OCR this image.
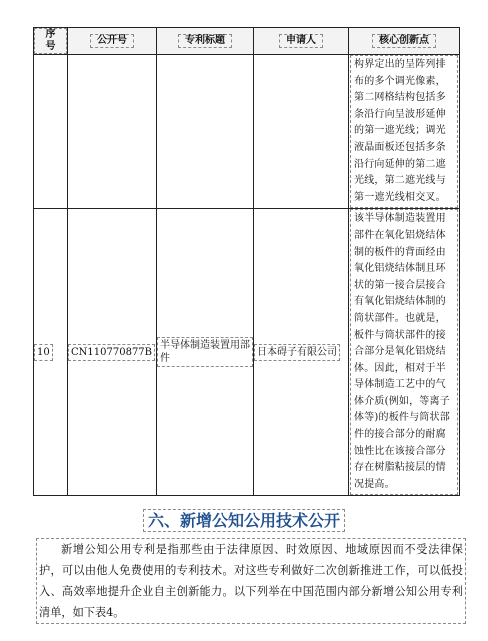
序号	公开号	专利标题	申请人	核心创新点

				构界定出的呈阵列排布的多个调光像素，第二网格结构包括多条沿行向呈波形延伸的第一遮光线；调光液晶面板还包括多条沿行向延伸的第二遮光线，第二遮光线与第一遮光线相交叉。

10	CN110770877B	半导体制造装置用部件	日本碍子有限公司	该半导体制造装置用部件在氧化铝烧结体制的板件的背面经由氧化铝烧结体制且环状的第一接合层接合有氧化铝烧结体制的筒状部件。也就是，板件与筒状部件的接合部分是氧化铝烧结体。因此，相对于半导体制造工艺中的气体介质(例如，等离子体等)的板件与筒状部件的接合部分的耐腐蚀性比在该接合部分存在树脂粘接层的情况提高。
六、新增公知公用技术公开
新增公知公用专利是指那些由于法律原因、时效原因、地域原因而不受法律保护，可以由他人免费使用的专利技术。对这些专利做好二次创新推进工作，可以低投入、高效率地提升企业自主创新能力。以下列举在中国范围内部分新增公知公用专利清单，如下表4。
